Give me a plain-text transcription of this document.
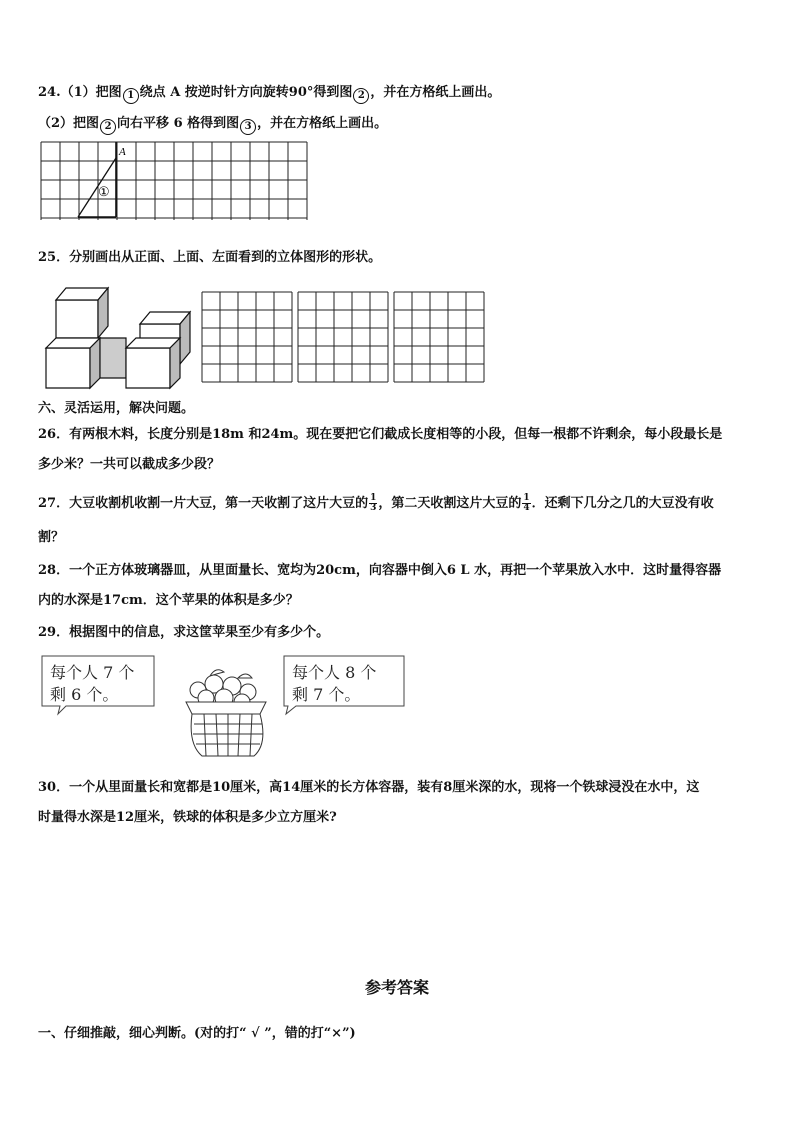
24.（1）把图 1 绕点 A 按逆时针方向旋转90°得到图 2 ，并在方格纸上画出。
（2）把图 2 向右平移 6 格得到图 3 ，并在方格纸上画出。
A
①
25．分别画出从正面、上面、左面看到的立体图形的形状。
六、灵活运用，解决问题。
26．有两根木料，长度分别是18m 和24m。现在要把它们截成长度相等的小段，但每一根都不许剩余，每小段最长是
多少米？一共可以截成多少段？
27．大豆收割机收割一片大豆，第一天收割了这片大豆的 $\frac{1}{3}$ ，第二天收割这片大豆的 $\frac{1}{4}$ ．还剩下几分之几的大豆没有收
割？
28．一个正方体玻璃器皿，从里面量长、宽均为20cm，向容器中倒入6 L 水，再把一个苹果放入水中．这时量得容器
内的水深是17cm．这个苹果的体积是多少？
29．根据图中的信息，求这筐苹果至少有多少个。
每个人 7 个
剩 6 个。
每个人 8 个
剩 7 个。
30．一个从里面量长和宽都是10厘米，高14厘米的长方体容器，装有8厘米深的水，现将一个铁球浸没在水中，这
时量得水深是12厘米，铁球的体积是多少立方厘米?
参考答案
一、仔细推敲，细心判断。(对的打“ √ ”，错的打“×”)
